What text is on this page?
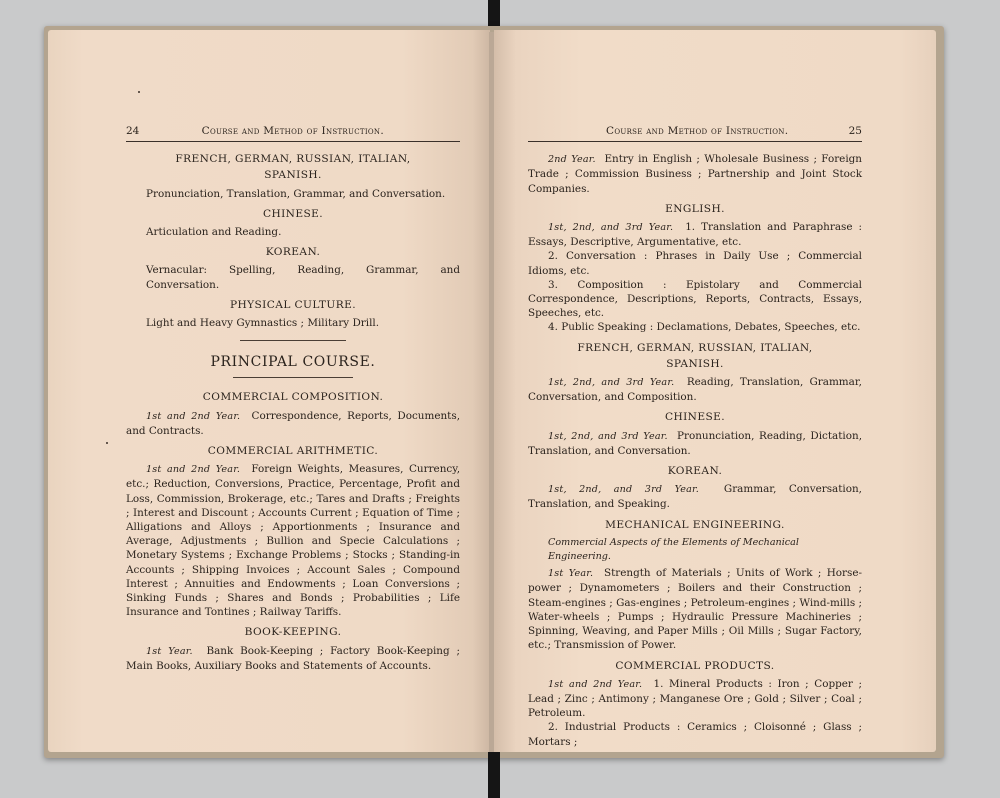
24	Course and Method of Instruction.
FRENCH, GERMAN, RUSSIAN, ITALIAN,
SPANISH.

Pronunciation, Translation, Grammar, and Conversation.

CHINESE.

Articulation and Reading.

KOREAN.

Vernacular: Spelling, Reading, Grammar, and Conversation.

PHYSICAL CULTURE.

Light and Heavy Gymnastics ; Military Drill.

PRINCIPAL COURSE.
COMMERCIAL COMPOSITION.

1st and 2nd Year. Correspondence, Reports, Documents, and Contracts.

COMMERCIAL ARITHMETIC.

1st and 2nd Year. Foreign Weights, Measures, Currency, etc.; Reduction, Conversions, Practice, Percentage, Profit and Loss, Commission, Brokerage, etc.; Tares and Drafts ; Freights ; Interest and Discount ; Accounts Current ; Equation of Time ; Alligations and Alloys ; Apportionments ; Insurance and Average, Adjustments ; Bullion and Specie Calculations ; Monetary Systems ; Exchange Problems ; Stocks ; Standing-in Accounts ; Shipping Invoices ; Account Sales ; Compound Interest ; Annuities and Endowments ; Loan Conversions ; Sinking Funds ; Shares and Bonds ; Probabilities ; Life Insurance and Tontines ; Railway Tariffs.

BOOK-KEEPING.

1st Year. Bank Book-Keeping ; Factory Book-Keeping ; Main Books, Auxiliary Books and Statements of Accounts.

Course and Method of Instruction.	25

2nd Year. Entry in English ; Wholesale Business ; Foreign Trade ; Commission Business ; Partnership and Joint Stock Companies.

ENGLISH.

1st, 2nd, and 3rd Year. 1. Translation and Paraphrase : Essays, Descriptive, Argumentative, etc.

2. Conversation : Phrases in Daily Use ; Commercial Idioms, etc.

3. Composition : Epistolary and Commercial Correspondence, Descriptions, Reports, Contracts, Essays, Speeches, etc.

4. Public Speaking : Declamations, Debates, Speeches, etc.

FRENCH, GERMAN, RUSSIAN, ITALIAN,
SPANISH.

1st, 2nd, and 3rd Year. Reading, Translation, Grammar, Conversation, and Composition.

CHINESE.

1st, 2nd, and 3rd Year. Pronunciation, Reading, Dictation, Translation, and Conversation.

KOREAN.

1st, 2nd, and 3rd Year. Grammar, Conversation, Translation, and Speaking.

MECHANICAL ENGINEERING.

Commercial Aspects of the Elements of Mechanical Engineering.

1st Year. Strength of Materials ; Units of Work ; Horse-power ; Dynamometers ; Boilers and their Construction ; Steam-engines ; Gas-engines ; Petroleum-engines ; Wind-mills ; Water-wheels ; Pumps ; Hydraulic Pressure Machineries ; Spinning, Weaving, and Paper Mills ; Oil Mills ; Sugar Factory, etc.; Transmission of Power.

COMMERCIAL PRODUCTS.

1st and 2nd Year. 1. Mineral Products : Iron ; Copper ; Lead ; Zinc ; Antimony ; Manganese Ore ; Gold ; Silver ; Coal ; Petroleum.

2. Industrial Products : Ceramics ; Cloisonné ; Glass ; Mortars ;
